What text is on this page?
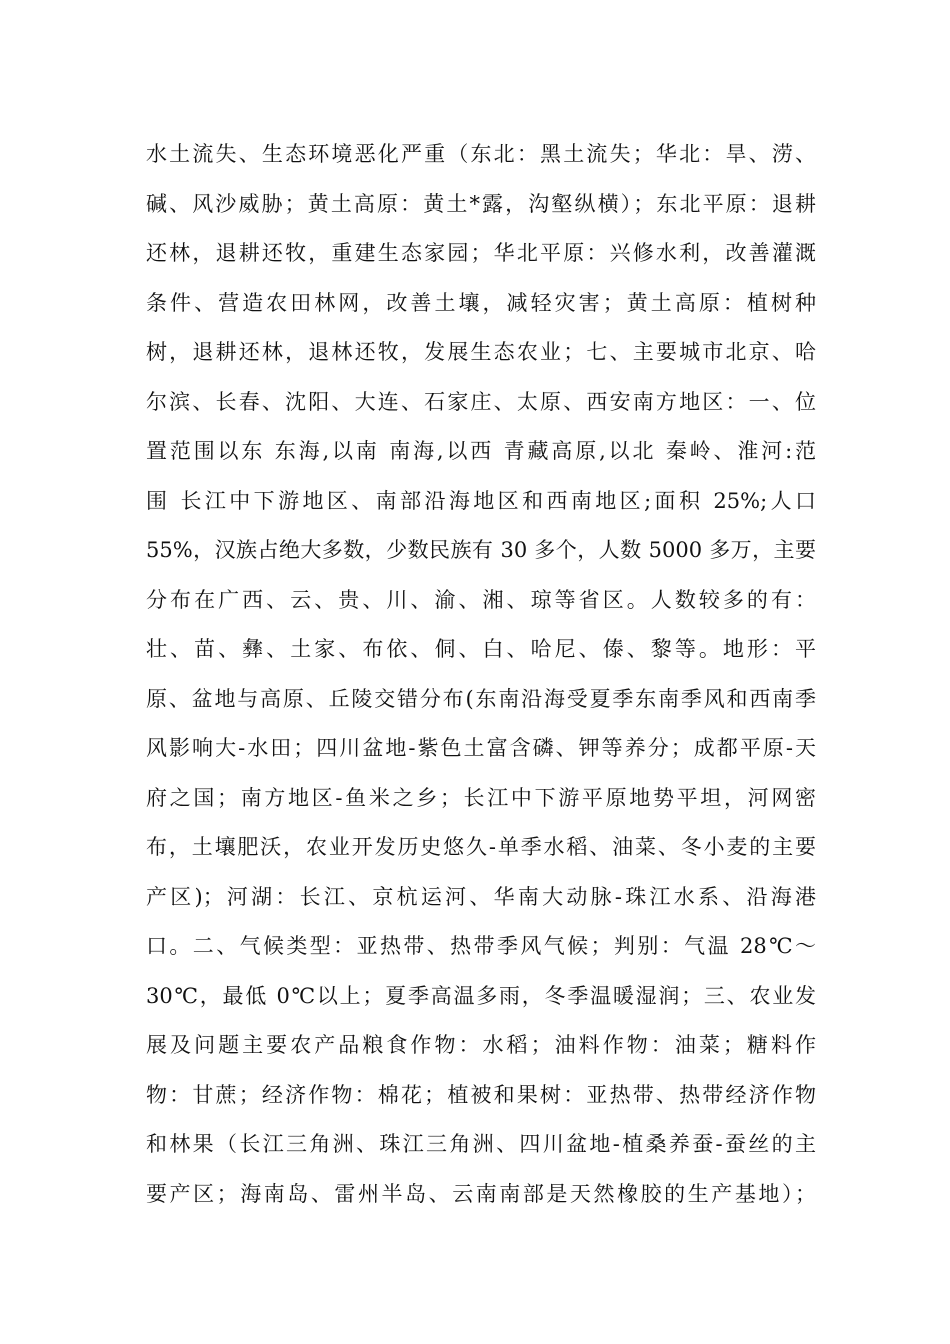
水土流失、生态环境恶化严重（东北：黑土流失；华北：旱、涝、
碱、风沙威胁；黄土高原：黄土*露，沟壑纵横）；东北平原：退耕
还林，退耕还牧，重建生态家园；华北平原：兴修水利，改善灌溉
条件、营造农田林网，改善土壤，减轻灾害；黄土高原：植树种
树，退耕还林，退林还牧，发展生态农业；七、主要城市北京、哈
尔滨、长春、沈阳、大连、石家庄、太原、西安南方地区：一、位
置范围以东 东海,以南 南海,以西 青藏高原,以北 秦岭、淮河:范
围 长江中下游地区、南部沿海地区和西南地区;面积 25%;人口
55%，汉族占绝大多数，少数民族有 30 多个，人数 5000 多万，主要
分布在广西、云、贵、川、渝、湘、琼等省区。人数较多的有：
壮、苗、彝、土家、布依、侗、白、哈尼、傣、黎等。地形：平
原、盆地与高原、丘陵交错分布(东南沿海受夏季东南季风和西南季
风影响大-水田；四川盆地-紫色土富含磷、钾等养分；成都平原-天
府之国；南方地区-鱼米之乡；长江中下游平原地势平坦，河网密
布，土壤肥沃，农业开发历史悠久-单季水稻、油菜、冬小麦的主要
产区)；河湖：长江、京杭运河、华南大动脉-珠江水系、沿海港
口。二、气候类型：亚热带、热带季风气候；判别：气温 28℃～
30℃，最低 0℃以上；夏季高温多雨，冬季温暖湿润；三、农业发
展及问题主要农产品粮食作物：水稻；油料作物：油菜；糖料作
物：甘蔗；经济作物：棉花；植被和果树：亚热带、热带经济作物
和林果（长江三角洲、珠江三角洲、四川盆地-植桑养蚕-蚕丝的主
要产区；海南岛、雷州半岛、云南南部是天然橡胶的生产基地）；
